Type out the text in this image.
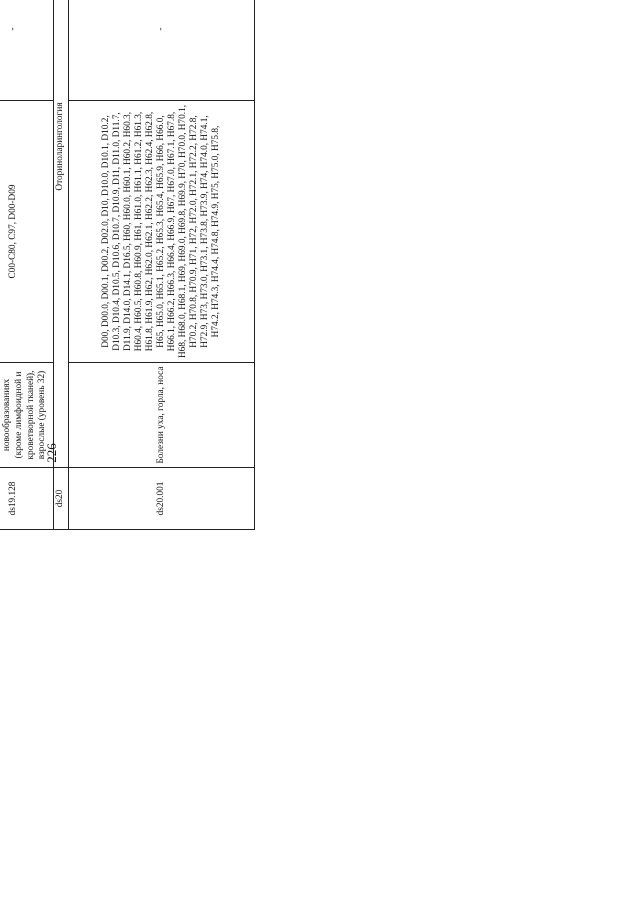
226

ds19.128	новообразованиях (кроме лимфоидной и кроветворной тканей), взрослые (уровень 32)	C00-C80, C97, D00-D09	-		
ds20	Оториноларингология	
ds20.001	Болезни уха, горла, носа	D00, D00.0, D00.1, D00.2, D02.0, D10, D10.0, D10.1, D10.2, D10.3, D10.4, D10.5, D10.6, D10.7, D10.9, D11, D11.0, D11.7, D11.9, D14.0, D14.1, D16.5, H60, H60.0, H60.1, H60.2, H60.3, H60.4, H60.5, H60.8, H60.9, H61, H61.0, H61.1, H61.2, H61.3, H61.8, H61.9, H62, H62.0, H62.1, H62.2, H62.3, H62.4, H62.8, H65, H65.0, H65.1, H65.2, H65.3, H65.4, H65.9, H66, H66.0, H66.1, H66.2, H66.3, H66.4, H66.9, H67, H67.0, H67.1, H67.8, H68, H68.0, H68.1, H69, H69.0, H69.8, H69.9, H70, H70.0, H70.1, H70.2, H70.8, H70.9, H71, H72, H72.0, H72.1, H72.2, H72.8, H72.9, H73, H73.0, H73.1, H73.8, H73.9, H74, H74.0, H74.1, H74.2, H74.3, H74.4, H74.8, H74.9, H75, H75.0, H75.8,	-		
